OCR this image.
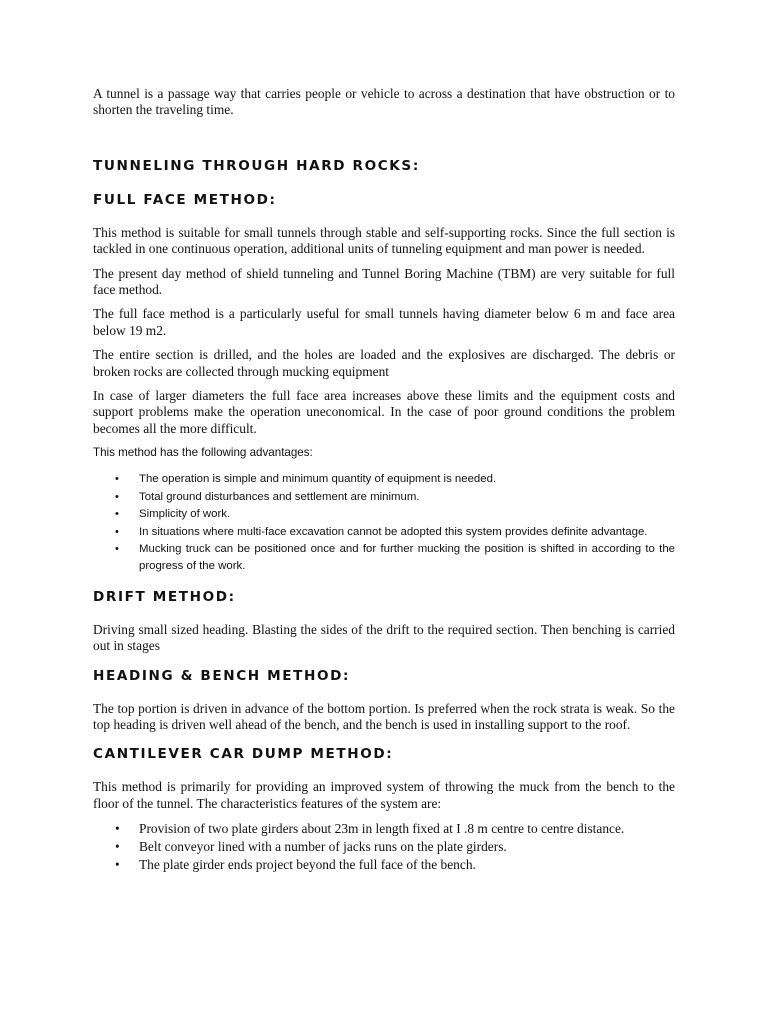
A tunnel is a passage way that carries people or vehicle to across a destination that have obstruction or to shorten the traveling time.

TUNNELING THROUGH HARD ROCKS:
FULL FACE METHOD:

This method is suitable for small tunnels through stable and self-supporting rocks. Since the full section is tackled in one continuous operation, additional units of tunneling equipment and man power is needed.

The present day method of shield tunneling and Tunnel Boring Machine (TBM) are very suitable for full face method.

The full face method is a particularly useful for small tunnels having diameter below 6 m and face area below 19 m2.

The entire section is drilled, and the holes are loaded and the explosives are discharged. The debris or broken rocks are collected through mucking equipment

In case of larger diameters the full face area increases above these limits and the equipment costs and support problems make the operation uneconomical. In the case of poor ground conditions the problem becomes all the more difficult.

This method has the following advantages:

• The operation is simple and minimum quantity of equipment is needed.
• Total ground disturbances and settlement are minimum.
• Simplicity of work.
• In situations where multi-face excavation cannot be adopted this system provides definite advantage.
• Mucking truck can be positioned once and for further mucking the position is shifted in according to the progress of the work.
DRIFT METHOD:

Driving small sized heading. Blasting the sides of the drift to the required section. Then benching is carried out in stages

HEADING & BENCH METHOD:

The top portion is driven in advance of the bottom portion. Is preferred when the rock strata is weak. So the top heading is driven well ahead of the bench, and the bench is used in installing support to the roof.

CANTILEVER CAR DUMP METHOD:

This method is primarily for providing an improved system of throwing the muck from the bench to the floor of the tunnel. The characteristics features of the system are:

• Provision of two plate girders about 23m in length fixed at I .8 m centre to centre distance.
• Belt conveyor lined with a number of jacks runs on the plate girders.
• The plate girder ends project beyond the full face of the bench.
